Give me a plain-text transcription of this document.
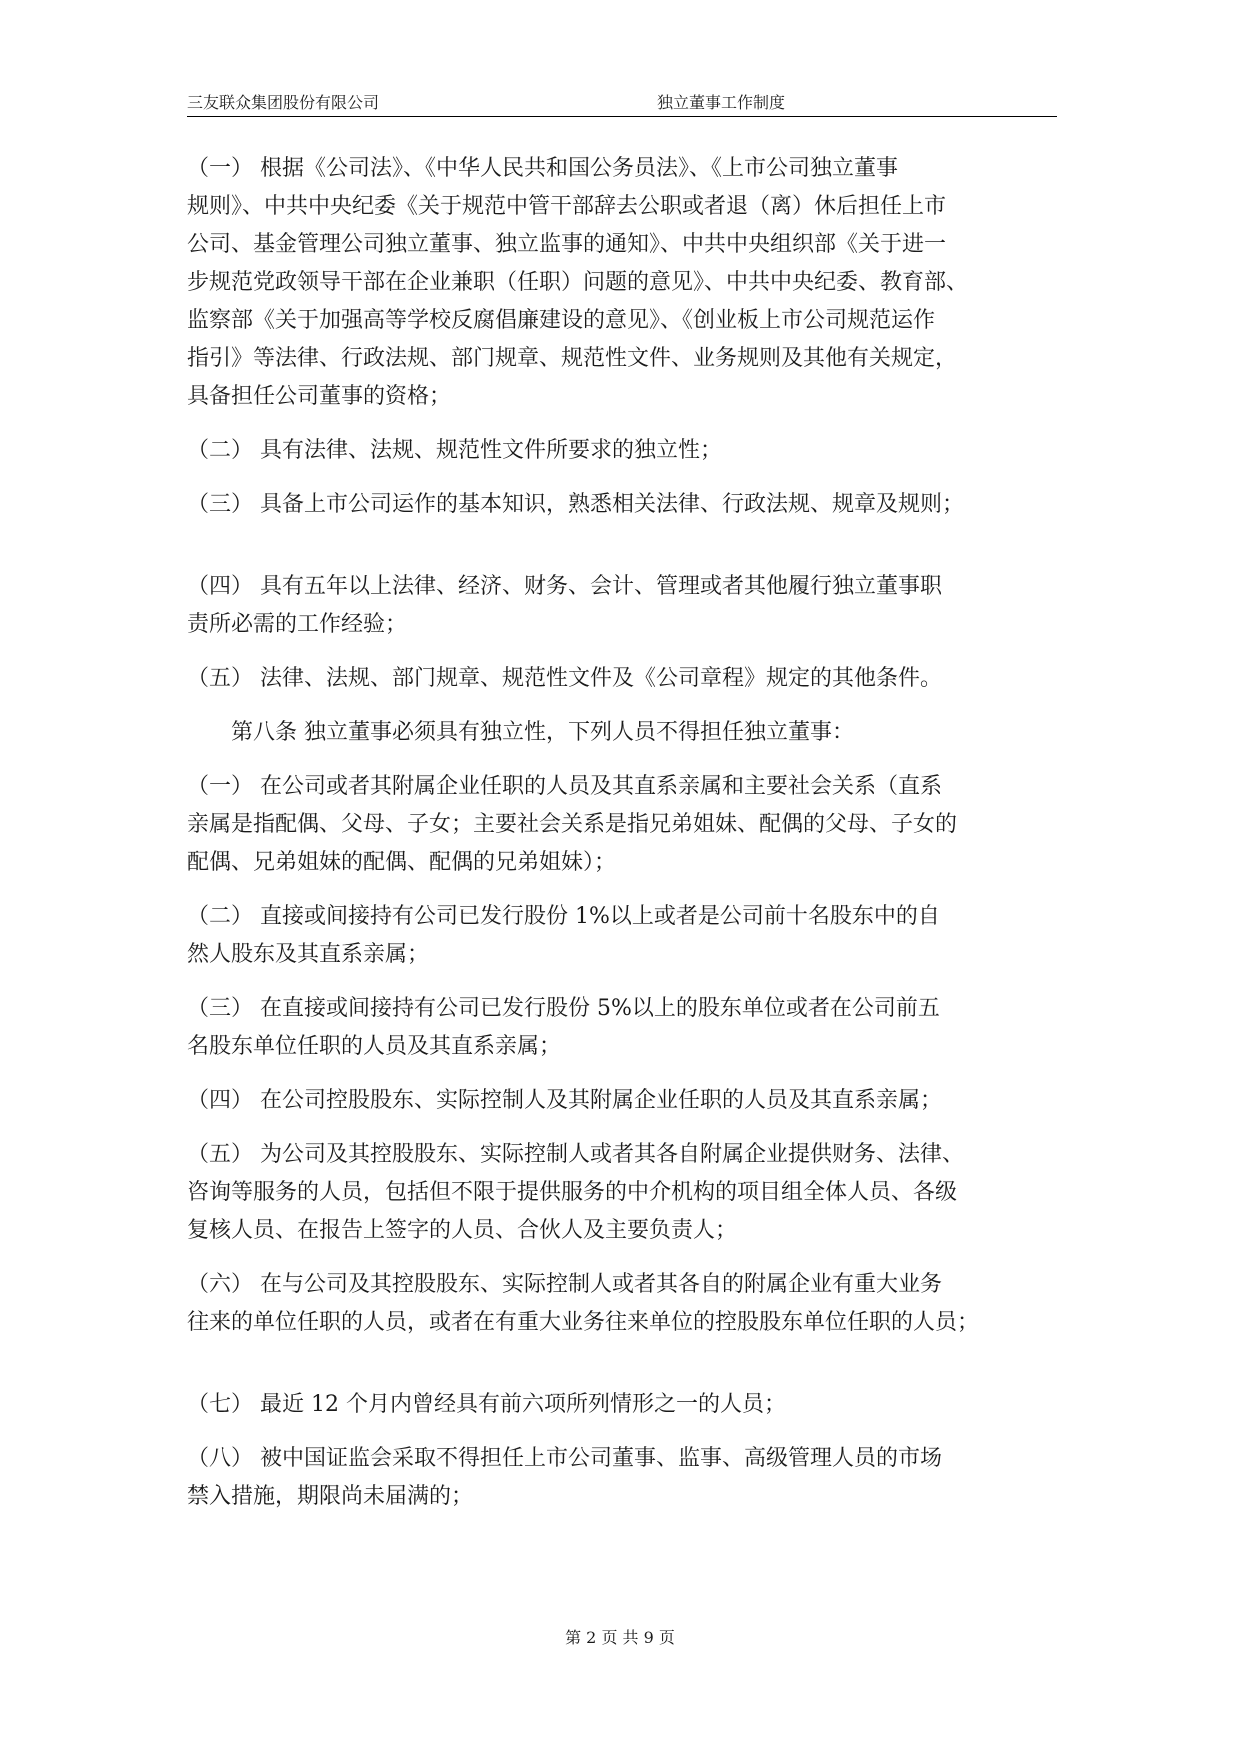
三友联众集团股份有限公司	独立董事工作制度
（一） 根据《公司法》、《中华人民共和国公务员法》、《上市公司独立董事
规则》、中共中央纪委《关于规范中管干部辞去公职或者退（离）休后担任上市
公司、基金管理公司独立董事、独立监事的通知》、中共中央组织部《关于进一
步规范党政领导干部在企业兼职（任职）问题的意见》、中共中央纪委、教育部、
监察部《关于加强高等学校反腐倡廉建设的意见》、《创业板上市公司规范运作
指引》等法律、行政法规、部门规章、规范性文件、业务规则及其他有关规定，
具备担任公司董事的资格；
（二） 具有法律、法规、规范性文件所要求的独立性；
（三） 具备上市公司运作的基本知识，熟悉相关法律、行政法规、规章及规则；
（四） 具有五年以上法律、经济、财务、会计、管理或者其他履行独立董事职
责所必需的工作经验；
（五） 法律、法规、部门规章、规范性文件及《公司章程》规定的其他条件。
第八条 独立董事必须具有独立性，下列人员不得担任独立董事：
（一） 在公司或者其附属企业任职的人员及其直系亲属和主要社会关系（直系
亲属是指配偶、父母、子女；主要社会关系是指兄弟姐妹、配偶的父母、子女的
配偶、兄弟姐妹的配偶、配偶的兄弟姐妹）；
（二） 直接或间接持有公司已发行股份 1%以上或者是公司前十名股东中的自
然人股东及其直系亲属；
（三） 在直接或间接持有公司已发行股份 5%以上的股东单位或者在公司前五
名股东单位任职的人员及其直系亲属；
（四） 在公司控股股东、实际控制人及其附属企业任职的人员及其直系亲属；
（五） 为公司及其控股股东、实际控制人或者其各自附属企业提供财务、法律、
咨询等服务的人员，包括但不限于提供服务的中介机构的项目组全体人员、各级
复核人员、在报告上签字的人员、合伙人及主要负责人；
（六） 在与公司及其控股股东、实际控制人或者其各自的附属企业有重大业务
往来的单位任职的人员，或者在有重大业务往来单位的控股股东单位任职的人员；
（七） 最近 12 个月内曾经具有前六项所列情形之一的人员；
（八） 被中国证监会采取不得担任上市公司董事、监事、高级管理人员的市场
禁入措施，期限尚未届满的；
第 2 页 共 9 页
